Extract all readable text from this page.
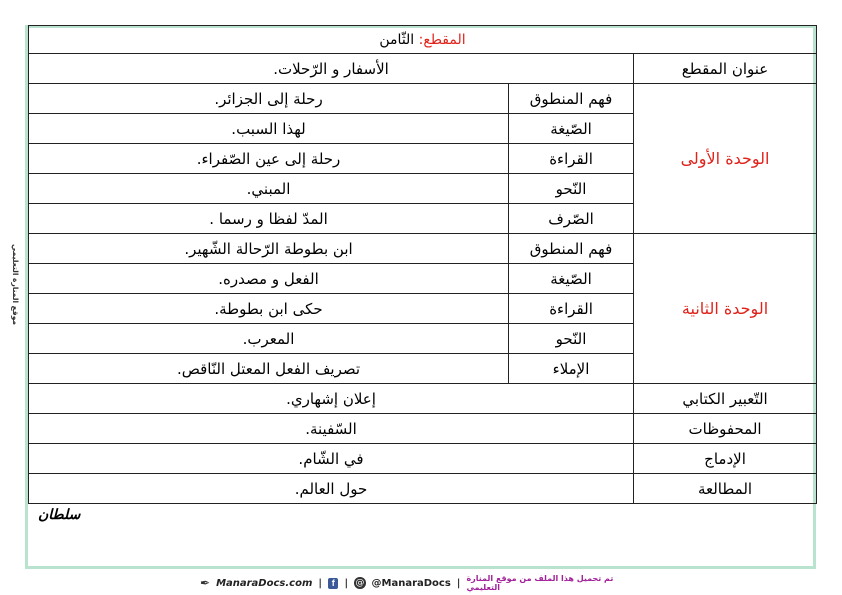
موقع المنارة التعليمي
المقطع: الثّامن		
عنوان المقطع	الأسفار و الرّحلات.	
الوحدة الأولى	فهم المنطوق	رحلة إلى الجزائر.
	الصّيغة	لهذا السبب.
	القراءة	رحلة إلى عين الصّفراء.
	النّحو	المبني.
	الصّرف	المدّ لفظا و رسما .
الوحدة الثانية	فهم المنطوق	ابن بطوطة الرّحالة الشّهير.
	الصّيغة	الفعل و مصدره.
	القراءة	حكى ابن بطوطة.
	النّحو	المعرب.
	الإملاء	تصريف الفعل المعتل النّاقص.
التّعبير الكتابي	إعلان إشهاري.	
المحفوظات	السّفينة.	
الإدماج	في الشّام.	
المطالعة	حول العالم.	
سلطان
✒ ManaraDocs.com |	f | @ @ManaraDocs | تم تحميل هذا الملف من موقع المنارة التعليمي
